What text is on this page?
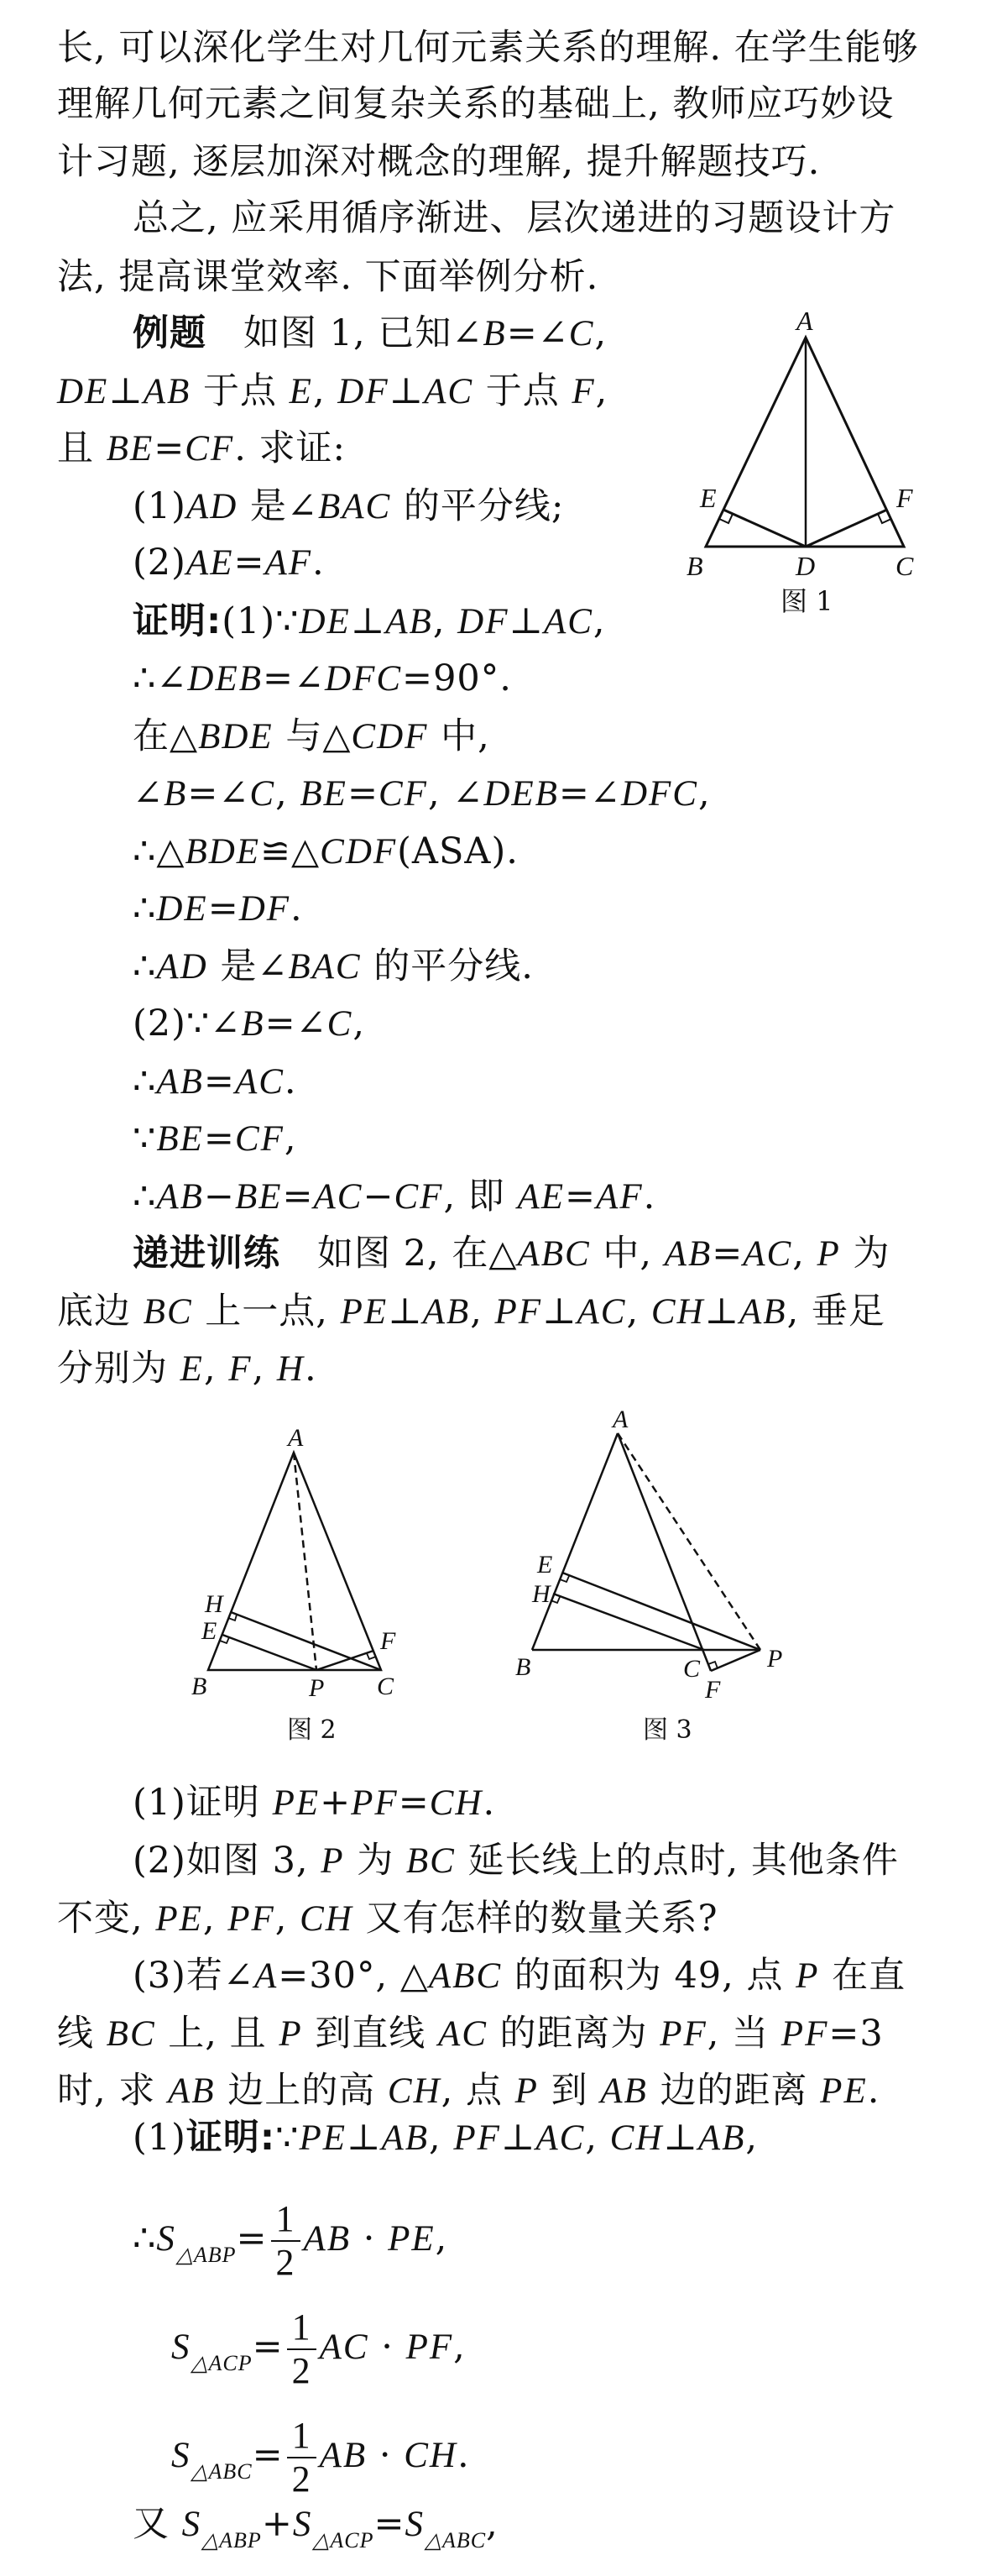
长, 可以深化学生对几何元素关系的理解. 在学生能够
理解几何元素之间复杂关系的基础上, 教师应巧妙设
计习题, 逐层加深对概念的理解, 提升解题技巧.
总之, 应采用循序渐进、层次递进的习题设计方
法, 提高课堂效率. 下面举例分析.
例题  如图 1, 已知∠B=∠C,
DE⊥AB 于点 E, DF⊥AC 于点 F,
且 BE=CF. 求证:
(1)AD 是∠BAC 的平分线;
(2)AE=AF.
证明:(1)∵DE⊥AB, DF⊥AC,
∴∠DEB=∠DFC=90°.
在△BDE 与△CDF 中,
∠B=∠C, BE=CF, ∠DEB=∠DFC,
∴△BDE≌△CDF(ASA).
∴DE=DF.
∴AD 是∠BAC 的平分线.
(2)∵∠B=∠C,
∴AB=AC.
∵BE=CF,
∴AB−BE=AC−CF, 即 AE=AF.
递进训练  如图 2, 在△ABC 中, AB=AC, P 为
底边 BC 上一点, PE⊥AB, PF⊥AC, CH⊥AB, 垂足
分别为 E, F, H.
(1)证明 PE+PF=CH.
(2)如图 3, P 为 BC 延长线上的点时, 其他条件
不变, PE, PF, CH 又有怎样的数量关系?
(3)若∠A=30°, △ABC 的面积为 49, 点 P 在直
线 BC 上, 且 P 到直线 AC 的距离为 PF, 当 PF=3
时, 求 AB 边上的高 CH, 点 P 到 AB 边的距离 PE.
(1)证明:∵PE⊥AB, PF⊥AC, CH⊥AB,
$\therefore S_{\triangle ABP}= \frac{1}{2}$ AB · PE,
$S_{\triangle ACP}= \frac{1}{2}$ AC · PF,
$S_{\triangle ABC}= \frac{1}{2}$ AB · CH.
又 $S_{\triangle ABP}+S_{\triangle ACP}=S_{\triangle ABC}$,
A
E	F
B	D	C
图 1
A
H
E	F
B	P C
图 2
A
E
H
B	C
F
P
图 3
